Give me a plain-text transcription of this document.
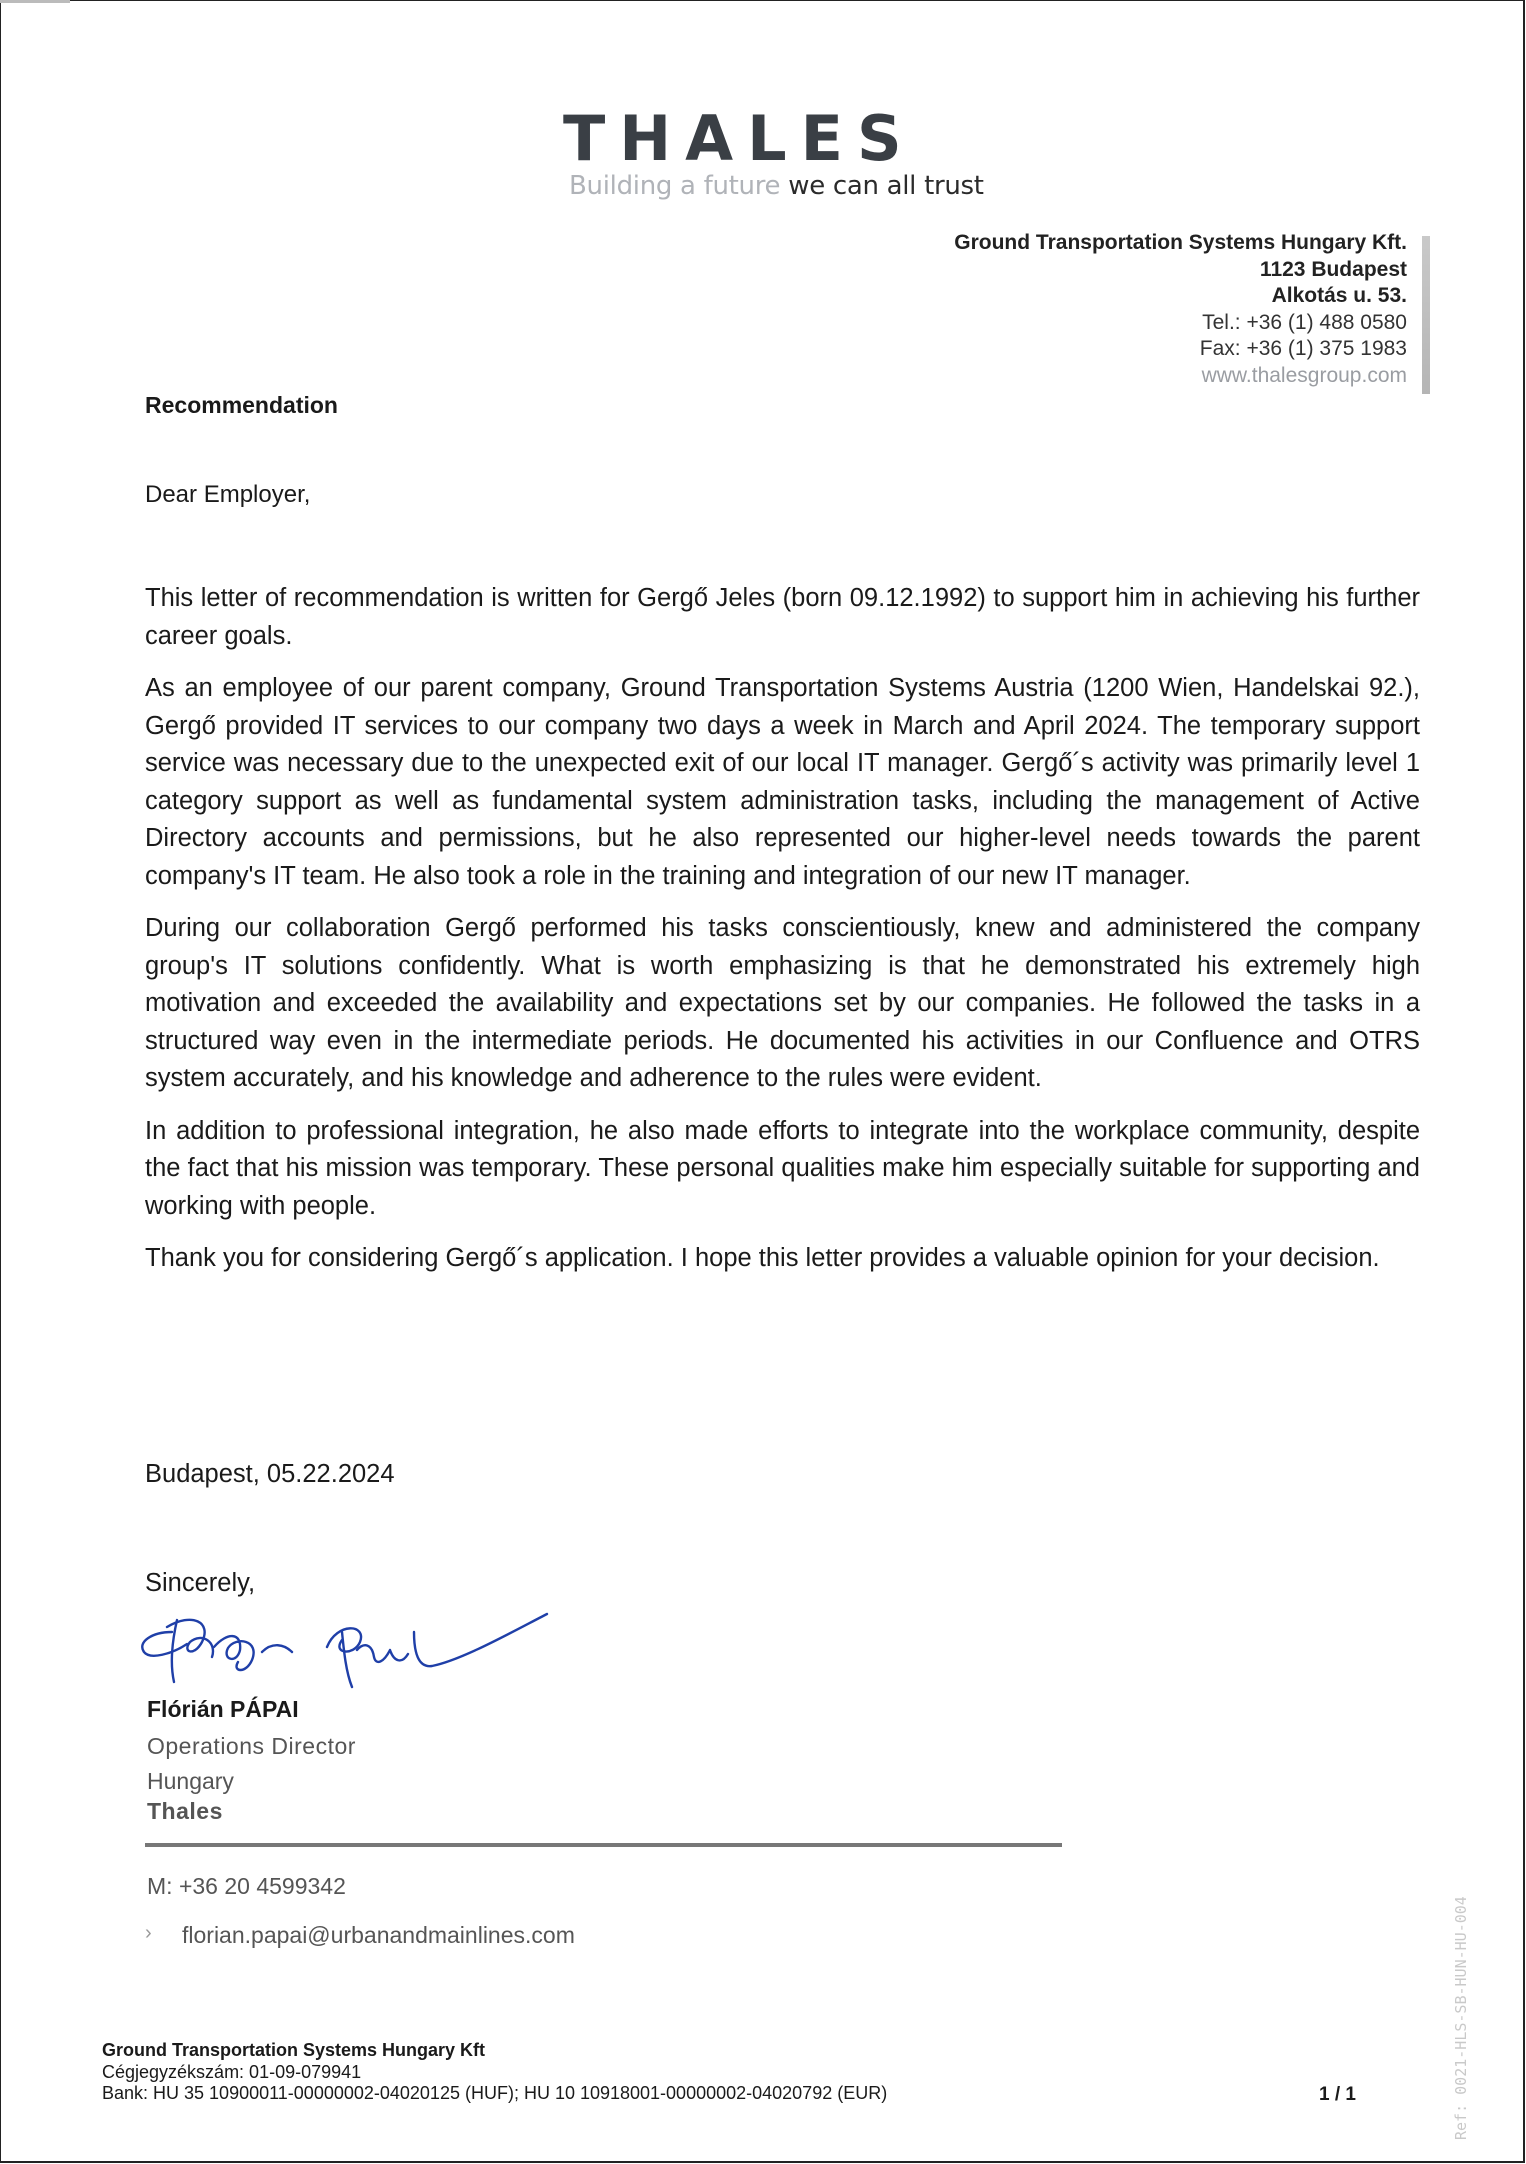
THALES
Building a future we can all trust
Ground Transportation Systems Hungary Kft.
1123 Budapest
Alkotás u. 53.
Tel.: +36 (1) 488 0580
Fax: +36 (1) 375 1983
www.thalesgroup.com
Recommendation
Dear Employer,

This letter of recommendation is written for Gergő Jeles (born 09.12.1992) to support him in achieving his further career goals.

As an employee of our parent company, Ground Transportation Systems Austria (1200 Wien, Handelskai 92.), Gergő provided IT services to our company two days a week in March and April 2024. The temporary support service was necessary due to the unexpected exit of our local IT manager. Gergő´s activity was primarily level 1 category support as well as fundamental system administration tasks, including the management of Active Directory accounts and permissions, but he also represented our higher-level needs towards the parent company's IT team. He also took a role in the training and integration of our new IT manager.

During our collaboration Gergő performed his tasks conscientiously, knew and administered the company group's IT solutions confidently. What is worth emphasizing is that he demonstrated his extremely high motivation and exceeded the availability and expectations set by our companies. He followed the tasks in a structured way even in the intermediate periods. He documented his activities in our Confluence and OTRS system accurately, and his knowledge and adherence to the rules were evident.

In addition to professional integration, he also made efforts to integrate into the workplace community, despite the fact that his mission was temporary. These personal qualities make him especially suitable for supporting and working with people.

Thank you for considering Gergő´s application. I hope this letter provides a valuable opinion for your decision.

Budapest, 05.22.2024
Sincerely,
Flórián PÁPAI
Operations Director
Hungary
Thales
M: +36 20 4599342
› florian.papai@urbanandmainlines.com
Ground Transportation Systems Hungary Kft
Cégjegyzékszám: 01-09-079941
Bank: HU 35 10900011-00000002-04020125 (HUF); HU 10 10918001-00000002-04020792 (EUR)	1 / 1	Ref: 0021-HLS-SB-HUN-HU-004
